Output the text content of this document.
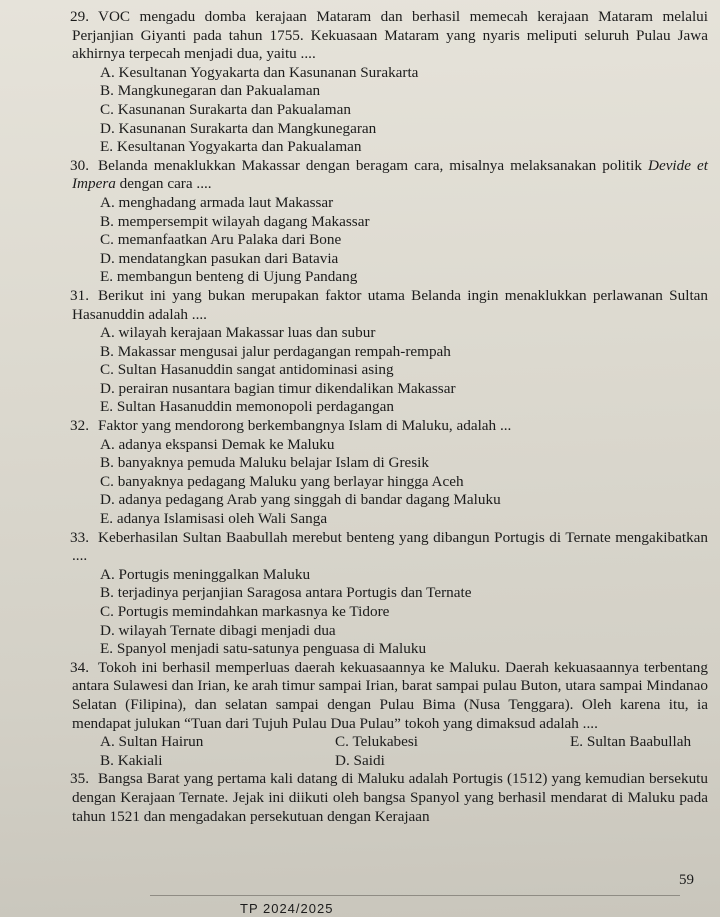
29. VOC mengadu domba kerajaan Mataram dan berhasil memecah kerajaan Mataram melalui Perjanjian Giyanti pada tahun 1755. Kekuasaan Mataram yang nyaris meliputi seluruh Pulau Jawa akhirnya terpecah menjadi dua, yaitu ....
A. Kesultanan Yogyakarta dan Kasunanan Surakarta
B. Mangkunegaran dan Pakualaman
C. Kasunanan Surakarta dan Pakualaman
D. Kasunanan Surakarta dan Mangkunegaran
E. Kesultanan Yogyakarta dan Pakualaman
30. Belanda menaklukkan Makassar dengan beragam cara, misalnya melaksanakan politik Devide et Impera dengan cara ....
A. menghadang armada laut Makassar
B. mempersempit wilayah dagang Makassar
C. memanfaatkan Aru Palaka dari Bone
D. mendatangkan pasukan dari Batavia
E. membangun benteng di Ujung Pandang
31. Berikut ini yang bukan merupakan faktor utama Belanda ingin menaklukkan perlawanan Sultan Hasanuddin adalah ....
A. wilayah kerajaan Makassar luas dan subur
B. Makassar mengusai jalur perdagangan rempah-rempah
C. Sultan Hasanuddin sangat antidominasi asing
D. perairan nusantara bagian timur dikendalikan Makassar
E. Sultan Hasanuddin memonopoli perdagangan
32. Faktor yang mendorong berkembangnya Islam di Maluku, adalah ...
A. adanya ekspansi Demak ke Maluku
B. banyaknya pemuda Maluku belajar Islam di Gresik
C. banyaknya pedagang Maluku yang berlayar hingga Aceh
D. adanya pedagang Arab yang singgah di bandar dagang Maluku
E. adanya Islamisasi oleh Wali Sanga
33. Keberhasilan Sultan Baabullah merebut benteng yang dibangun Portugis di Ternate mengakibatkan ....
A. Portugis meninggalkan Maluku
B. terjadinya perjanjian Saragosa antara Portugis dan Ternate
C. Portugis memindahkan markasnya ke Tidore
D. wilayah Ternate dibagi menjadi dua
E. Spanyol menjadi satu-satunya penguasa di Maluku
34. Tokoh ini berhasil memperluas daerah kekuasaannya ke Maluku. Daerah kekuasaannya terbentang antara Sulawesi dan Irian, ke arah timur sampai Irian, barat sampai pulau Buton, utara sampai Mindanao Selatan (Filipina), dan selatan sampai dengan Pulau Bima (Nusa Tenggara). Oleh karena itu, ia mendapat julukan “Tuan dari Tujuh Pulau Dua Pulau” tokoh yang dimaksud adalah ....
A. Sultan Hairun	C. Telukabesi	E. Sultan Baabullah
B. Kakiali	D. Saidi
35. Bangsa Barat yang pertama kali datang di Maluku adalah Portugis (1512) yang kemudian bersekutu dengan Kerajaan Ternate. Jejak ini diikuti oleh bangsa Spanyol yang berhasil mendarat di Maluku pada tahun 1521 dan mengadakan persekutuan dengan Kerajaan
59
TP 2024/2025
